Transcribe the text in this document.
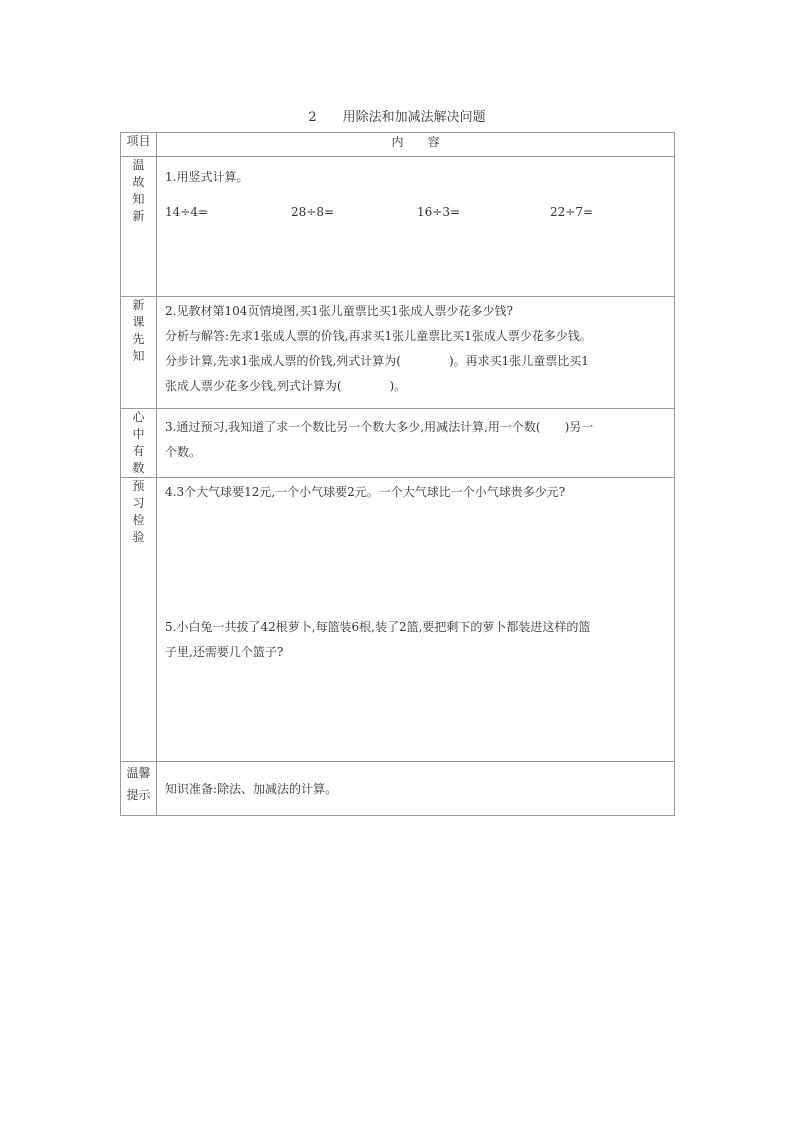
2　　用除法和加减法解决问题
项目	内　　容
温故知新	1.用竖式计算。
14÷4= 28÷8= 16÷3= 22÷7=

新课先知	2.见教材第104页情境图,买1张儿童票比买1张成人票少花多少钱?
分析与解答:先求1张成人票的价钱,再求买1张儿童票比买1张成人票少花多少钱。
分步计算,先求1张成人票的价钱,列式计算为(　　　　)。再求买1张儿童票比买1
张成人票少花多少钱,列式计算为(　　　　)。

心中有数	3.通过预习,我知道了求一个数比另一个数大多少,用减法计算,用一个数(　　)另一
个数。

预习检验	4.3个大气球要12元,一个小气球要2元。一个大气球比一个小气球贵多少元?
5.小白兔一共拔了42根萝卜,每篮装6根,装了2篮,要把剩下的萝卜都装进这样的篮
子里,还需要几个篮子?

温馨
提示	知识准备:除法、加减法的计算。
